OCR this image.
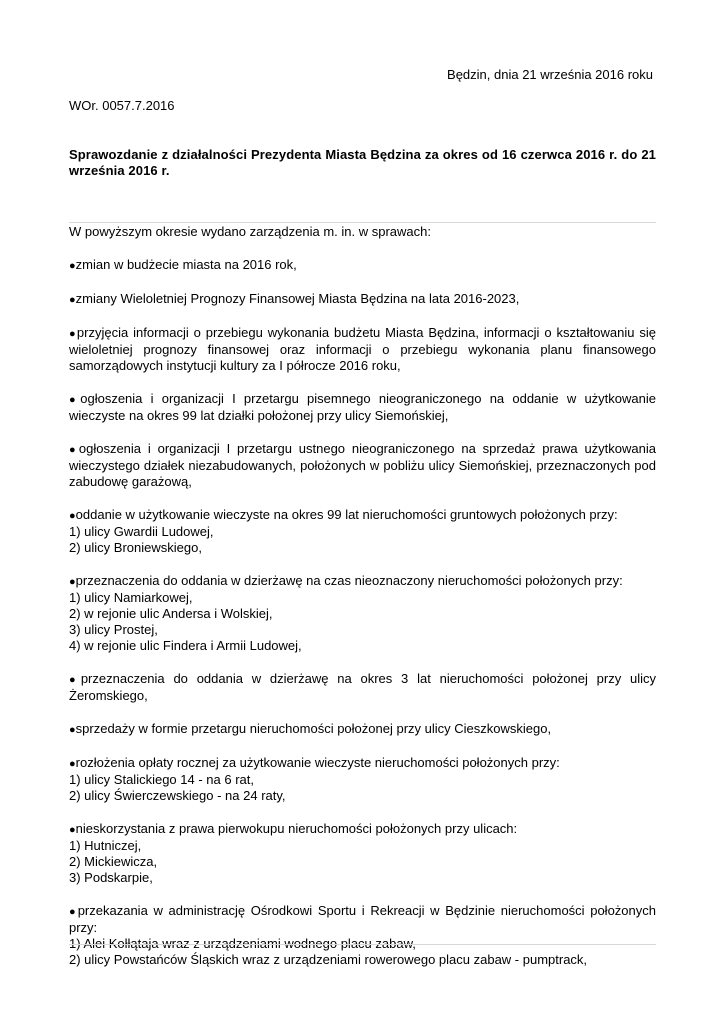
Będzin, dnia 21 września 2016 roku
WOr. 0057.7.2016
Sprawozdanie z działalności Prezydenta Miasta Będzina za okres od 16 czerwca 2016 r. do 21 września 2016 r.
W powyższym okresie wydano zarządzenia m. in. w sprawach:
●zmian w budżecie miasta na 2016 rok,
●zmiany Wieloletniej Prognozy Finansowej Miasta Będzina na lata 2016-2023,
●przyjęcia informacji o przebiegu wykonania budżetu Miasta Będzina, informacji o kształtowaniu się wieloletniej prognozy finansowej oraz informacji o przebiegu wykonania planu finansowego samorządowych instytucji kultury za I półrocze 2016 roku,
●ogłoszenia i organizacji I przetargu pisemnego nieograniczonego na oddanie w użytkowanie wieczyste na okres 99 lat działki położonej przy ulicy Siemońskiej,
●ogłoszenia i organizacji I przetargu ustnego nieograniczonego na sprzedaż prawa użytkowania wieczystego działek niezabudowanych, położonych w pobliżu ulicy Siemońskiej, przeznaczonych pod zabudowę garażową,
●oddanie w użytkowanie wieczyste na okres 99 lat nieruchomości gruntowych położonych przy:
1) ulicy Gwardii Ludowej,
2) ulicy Broniewskiego,
●przeznaczenia do oddania w dzierżawę na czas nieoznaczony nieruchomości położonych przy:
1) ulicy Namiarkowej,
2) w rejonie ulic Andersa i Wolskiej,
3) ulicy Prostej,
4) w rejonie ulic Findera i Armii Ludowej,
●przeznaczenia do oddania w dzierżawę na okres 3 lat nieruchomości położonej przy ulicy Żeromskiego,
●sprzedaży w formie przetargu nieruchomości położonej przy ulicy Cieszkowskiego,
●rozłożenia opłaty rocznej za użytkowanie wieczyste nieruchomości położonych przy:
1) ulicy Stalickiego 14 - na 6 rat,
2) ulicy Świerczewskiego - na 24 raty,
●nieskorzystania z prawa pierwokupu nieruchomości położonych przy ulicach:
1) Hutniczej,
2) Mickiewicza,
3) Podskarpie,
●przekazania w administrację Ośrodkowi Sportu i Rekreacji w Będzinie nieruchomości położonych przy:
1) Alei Kołłątaja wraz z urządzeniami wodnego placu zabaw,
2) ulicy Powstańców Śląskich wraz z urządzeniami rowerowego placu zabaw - pumptrack,
